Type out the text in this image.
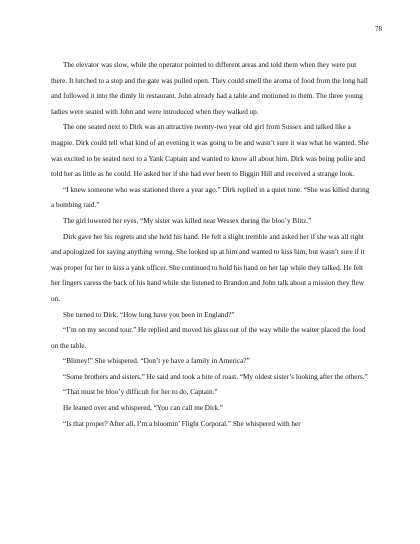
78

The elevator was slow, while the operator pointed to different areas and told them when they were put there. It lurched to a stop and the gate was pulled open. They could smell the aroma of food from the long hall and followed it into the dimly lit restaurant. John already had a table and motioned to them. The three young ladies were seated with John and were introduced when they walked up.

The one seated next to Dirk was an attractive twenty-two year old girl from Sussex and talked like a magpie. Dirk could tell what kind of an evening it was going to be and wasn’t sure it was what he wanted. She was excited to be seated next to a Yank Captain and wanted to know all about him. Dirk was being polite and told her as little as he could. He asked her if she had ever been to Biggin Hill and received a strange look.

“I knew someone who was stationed there a year ago.” Dirk replied in a quiet tone. “She was killed during a bombing raid.”

The girl lowered her eyes, “My sister was killed near Wessex during the bloo’y Blitz.”

Dirk gave her his regrets and she held his hand. He felt a slight tremble and asked her if she was all right and apologized for saying anything wrong. She looked up at him and wanted to kiss him, but wasn’t sure if it was proper for her to kiss a yank officer. She continued to hold his hand on her lap while they talked. He felt her fingers caress the back of his hand while she listened to Brandon and John talk about a mission they flew on.

She turned to Dirk, “How long have you been in England?”

“I’m on my second tour.” He replied and moved his glass out of the way while the waiter placed the food on the table.

“Blimey!” She whispered. “Don’t ye have a family in America?”

“Some brothers and sisters.” He said and took a bite of roast. “My oldest sister’s looking after the others.”

“That must be bloo’y difficult for her to do, Captain.”

He leaned over and whispered, “You can call me Dirk.”

“Is that proper? After all, I’m a bloomin’ Flight Corporal.” She whispered with her
